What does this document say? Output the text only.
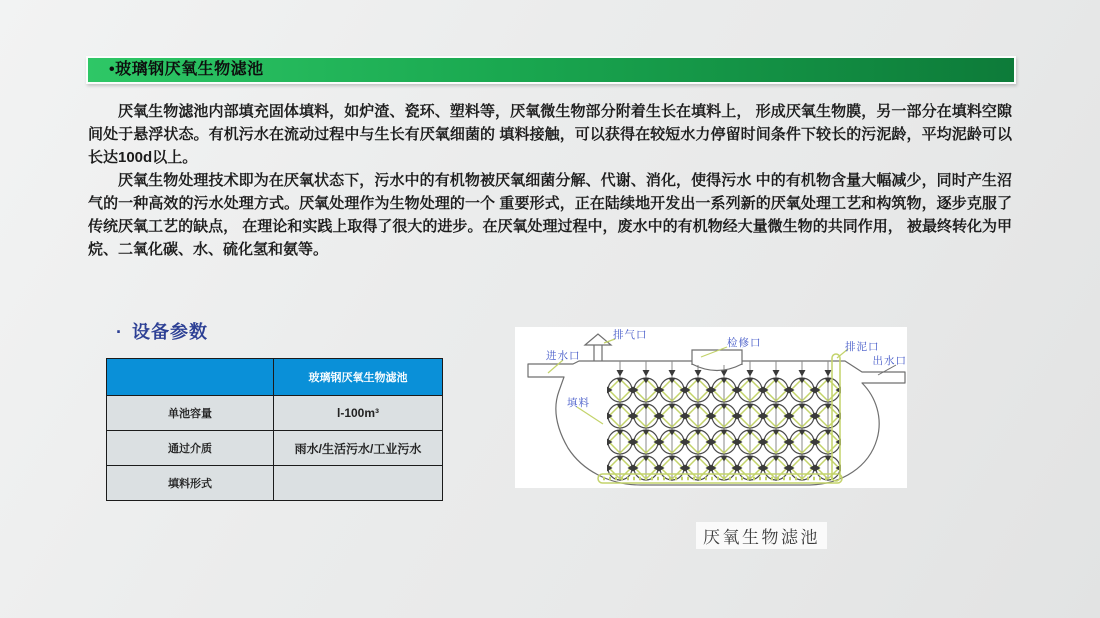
•玻璃钢厌氧生物滤池

厌氧生物滤池内部填充固体填料，如炉渣、瓷环、塑料等，厌氧微生物部分附着生长在填料上， 形成厌氧生物膜，另一部分在填料空隙间处于悬浮状态。有机污水在流动过程中与生长有厌氧细菌的 填料接触，可以获得在较短水力停留时间条件下较长的污泥龄，平均泥龄可以长达100d以上。

厌氧生物处理技术即为在厌氧状态下，污水中的有机物被厌氧细菌分解、代谢、消化，使得污水 中的有机物含量大幅减少，同时产生沼气的一种高效的污水处理方式。厌氧处理作为生物处理的一个 重要形式，正在陆续地开发出一系列新的厌氧处理工艺和构筑物，逐步克服了传统厌氧工艺的缺点， 在理论和实践上取得了很大的进步。在厌氧处理过程中，废水中的有机物经大量微生物的共同作用， 被最终转化为甲烷、二氧化碳、水、硫化氢和氨等。

· 设备参数
	玻璃钢厌氧生物滤池
单池容量	l-100m³
通过介质	雨水/生活污水/工业污水
填料形式	
进水口
排气口
检修口	排泥口
出水口
填料
厌氧生物滤池
